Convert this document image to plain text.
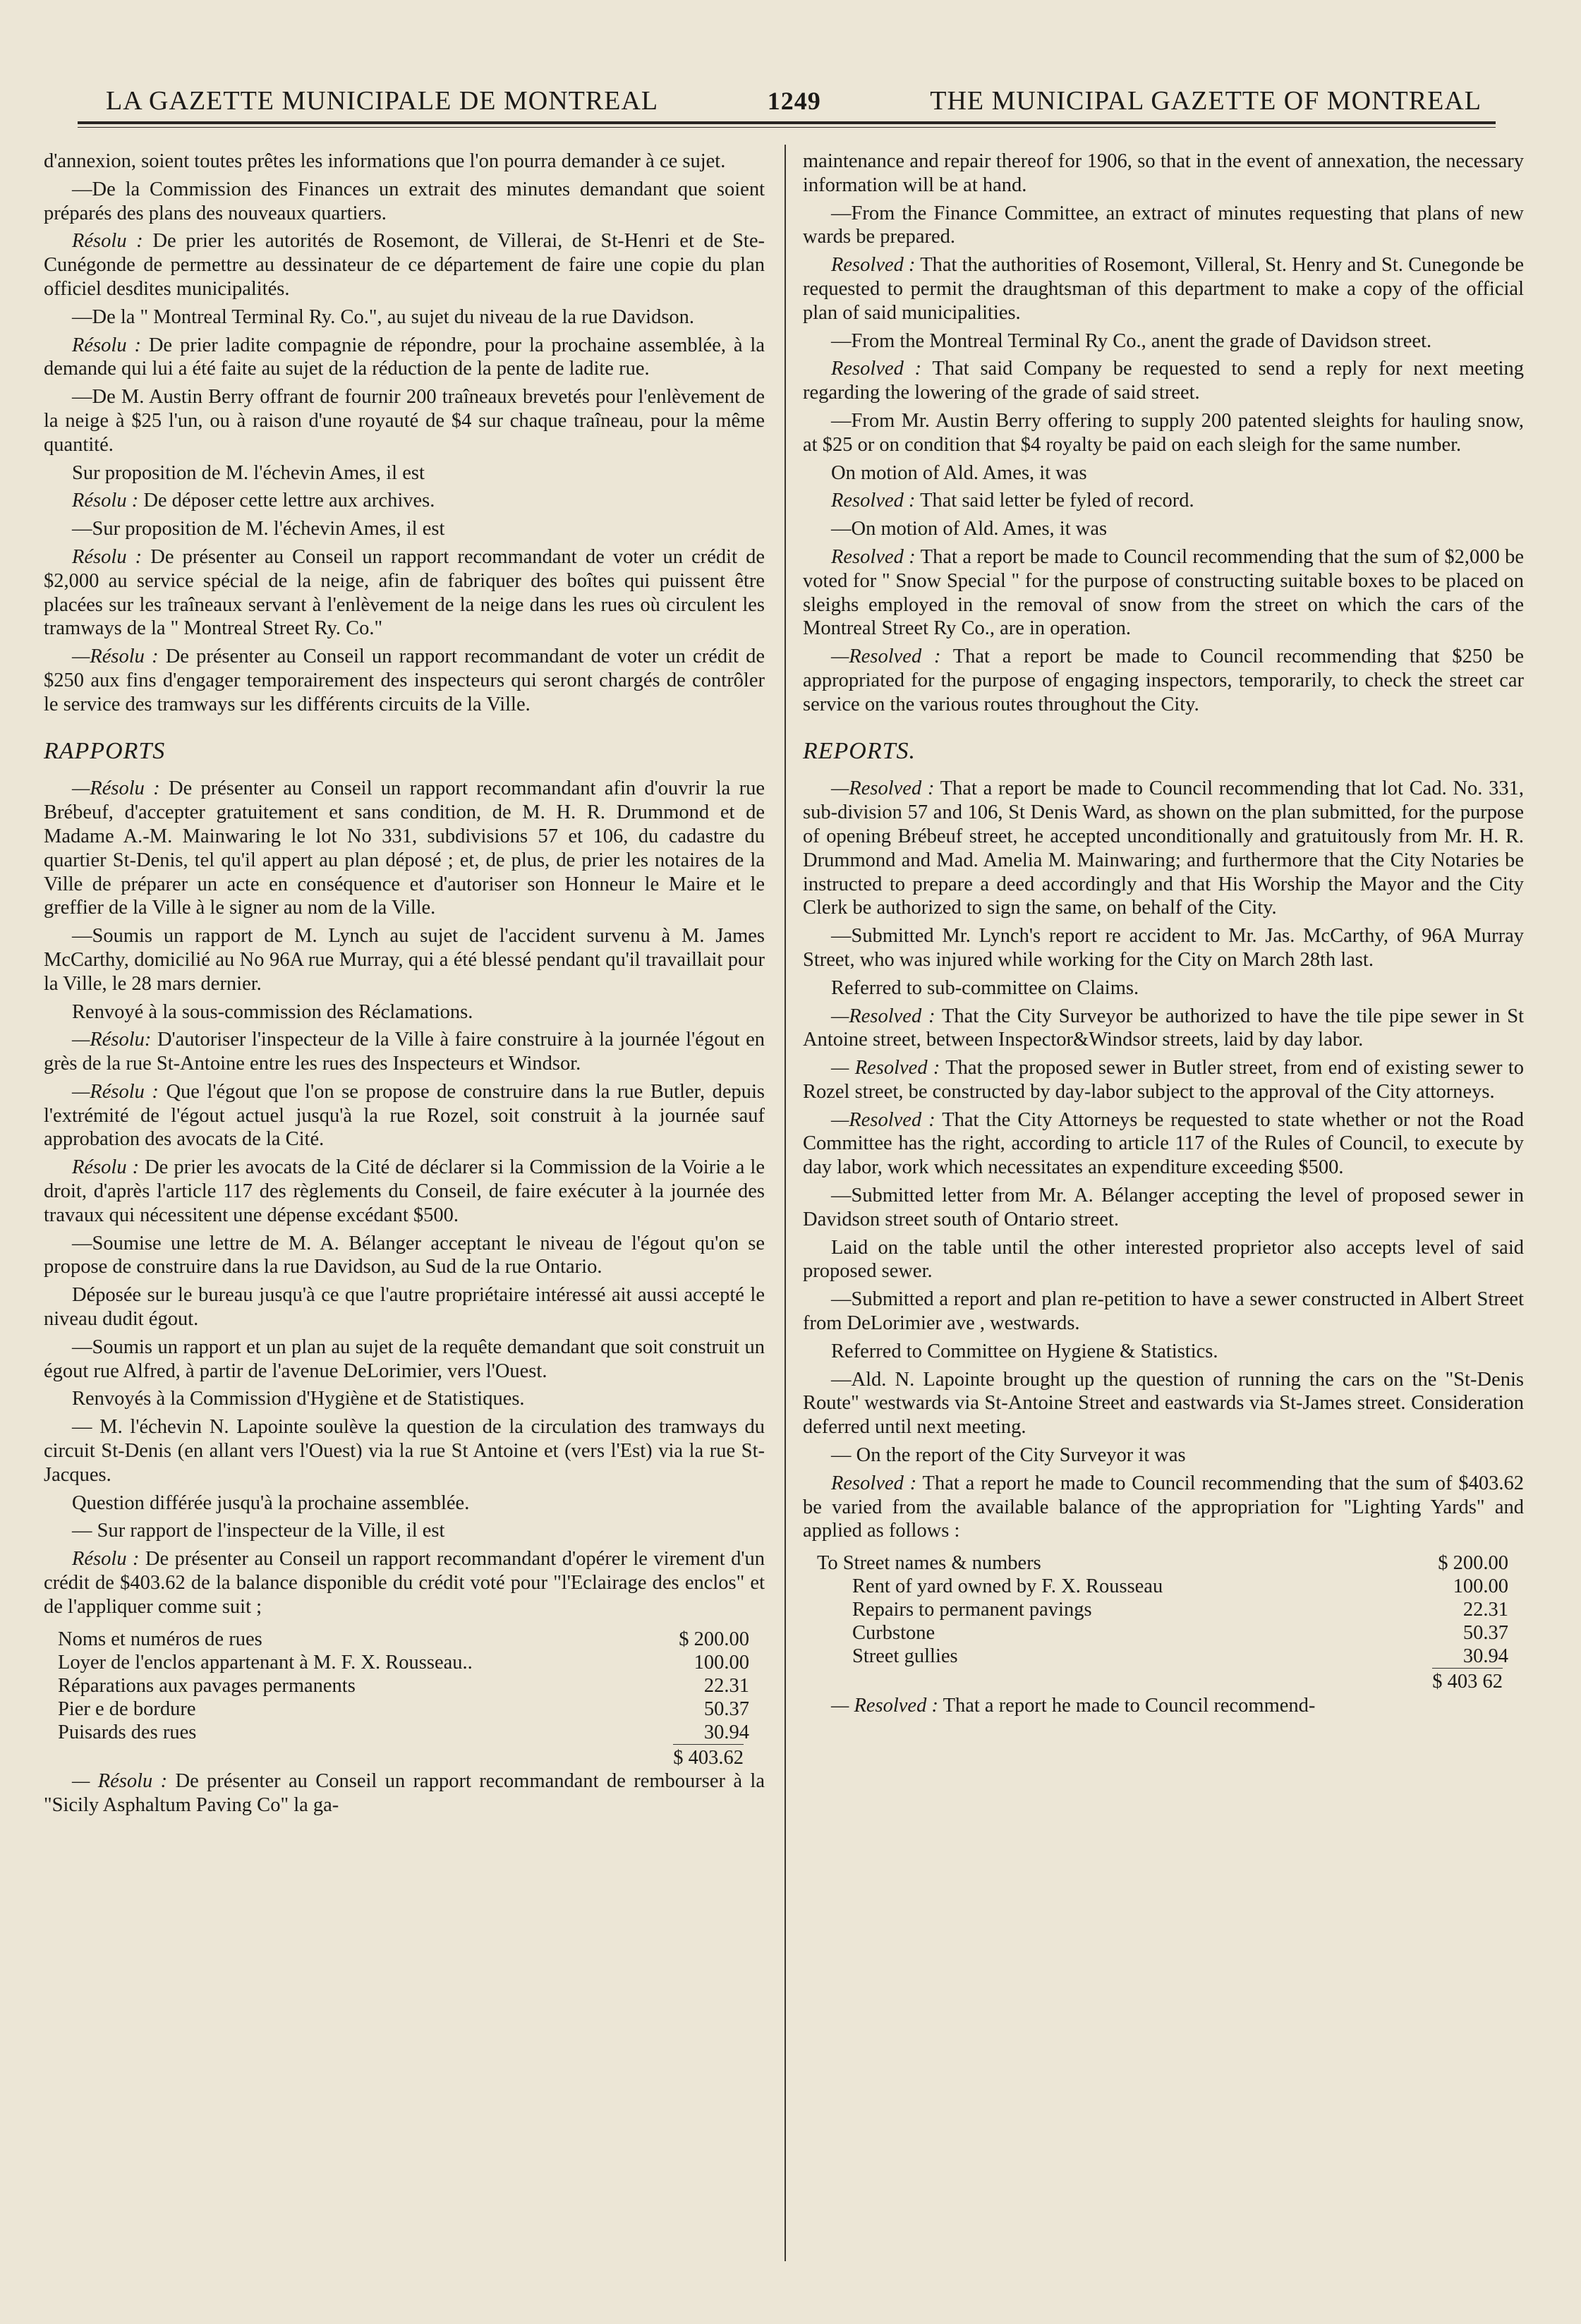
LA GAZETTE MUNICIPALE DE MONTREAL	1249	THE MUNICIPAL GAZETTE OF MONTREAL

d'annexion, soient toutes prêtes les informations que l'on pourra demander à ce sujet.

—De la Commission des Finances un extrait des minutes demandant que soient préparés des plans des nouveaux quartiers.

Résolu : De prier les autorités de Rosemont, de Villerai, de St-Henri et de Ste-Cunégonde de permettre au dessinateur de ce département de faire une copie du plan officiel desdites municipalités.

—De la " Montreal Terminal Ry. Co.", au sujet du niveau de la rue Davidson.

Résolu : De prier ladite compagnie de répondre, pour la prochaine assemblée, à la demande qui lui a été faite au sujet de la réduction de la pente de ladite rue.

—De M. Austin Berry offrant de fournir 200 traîneaux brevetés pour l'enlèvement de la neige à $25 l'un, ou à raison d'une royauté de $4 sur chaque traîneau, pour la même quantité.

Sur proposition de M. l'échevin Ames, il est

Résolu : De déposer cette lettre aux archives.

—Sur proposition de M. l'échevin Ames, il est

Résolu : De présenter au Conseil un rapport recommandant de voter un crédit de $2,000 au service spécial de la neige, afin de fabriquer des boîtes qui puissent être placées sur les traîneaux servant à l'enlèvement de la neige dans les rues où circulent les tramways de la " Montreal Street Ry. Co."

—Résolu : De présenter au Conseil un rapport recommandant de voter un crédit de $250 aux fins d'engager temporairement des inspecteurs qui seront chargés de contrôler le service des tramways sur les différents circuits de la Ville.

RAPPORTS

—Résolu : De présenter au Conseil un rapport recommandant afin d'ouvrir la rue Brébeuf, d'accepter gratuitement et sans condition, de M. H. R. Drummond et de Madame A.-M. Mainwaring le lot No 331, subdivisions 57 et 106, du cadastre du quartier St-Denis, tel qu'il appert au plan déposé ; et, de plus, de prier les notaires de la Ville de préparer un acte en conséquence et d'autoriser son Honneur le Maire et le greffier de la Ville à le signer au nom de la Ville.

—Soumis un rapport de M. Lynch au sujet de l'accident survenu à M. James McCarthy, domicilié au No 96A rue Murray, qui a été blessé pendant qu'il travaillait pour la Ville, le 28 mars dernier.

Renvoyé à la sous-commission des Réclamations.

—Résolu: D'autoriser l'inspecteur de la Ville à faire construire à la journée l'égout en grès de la rue St-Antoine entre les rues des Inspecteurs et Windsor.

—Résolu : Que l'égout que l'on se propose de construire dans la rue Butler, depuis l'extrémité de l'égout actuel jusqu'à la rue Rozel, soit construit à la journée sauf approbation des avocats de la Cité.

Résolu : De prier les avocats de la Cité de déclarer si la Commission de la Voirie a le droit, d'après l'article 117 des règlements du Conseil, de faire exécuter à la journée des travaux qui nécessitent une dépense excédant $500.

—Soumise une lettre de M. A. Bélanger acceptant le niveau de l'égout qu'on se propose de construire dans la rue Davidson, au Sud de la rue Ontario.

Déposée sur le bureau jusqu'à ce que l'autre propriétaire intéressé ait aussi accepté le niveau dudit égout.

—Soumis un rapport et un plan au sujet de la requête demandant que soit construit un égout rue Alfred, à partir de l'avenue DeLorimier, vers l'Ouest.

Renvoyés à la Commission d'Hygiène et de Statistiques.

— M. l'échevin N. Lapointe soulève la question de la circulation des tramways du circuit St-Denis (en allant vers l'Ouest) via la rue St Antoine et (vers l'Est) via la rue St-Jacques.

Question différée jusqu'à la prochaine assemblée.

— Sur rapport de l'inspecteur de la Ville, il est

Résolu : De présenter au Conseil un rapport recommandant d'opérer le virement d'un crédit de $403.62 de la balance disponible du crédit voté pour "l'Eclairage des enclos" et de l'appliquer comme suit ;

Noms et numéros de rues	$ 200.00
Loyer de l'enclos appartenant à M. F. X. Rousseau..	100.00
Réparations aux pavages permanents	22.31
Pier e de bordure	50.37
Puisards des rues	30.94
$ 403.62

— Résolu : De présenter au Conseil un rapport recommandant de rembourser à la "Sicily Asphaltum Paving Co" la ga-

maintenance and repair thereof for 1906, so that in the event of annexation, the necessary information will be at hand.

—From the Finance Committee, an extract of minutes requesting that plans of new wards be prepared.

Resolved : That the authorities of Rosemont, Villeral, St. Henry and St. Cunegonde be requested to permit the draughtsman of this department to make a copy of the official plan of said municipalities.

—From the Montreal Terminal Ry Co., anent the grade of Davidson street.

Resolved : That said Company be requested to send a reply for next meeting regarding the lowering of the grade of said street.

—From Mr. Austin Berry offering to supply 200 patented sleights for hauling snow, at $25 or on condition that $4 royalty be paid on each sleigh for the same number.

On motion of Ald. Ames, it was

Resolved : That said letter be fyled of record.

—On motion of Ald. Ames, it was

Resolved : That a report be made to Council recommending that the sum of $2,000 be voted for " Snow Special " for the purpose of constructing suitable boxes to be placed on sleighs employed in the removal of snow from the street on which the cars of the Montreal Street Ry Co., are in operation.

—Resolved : That a report be made to Council recommending that $250 be appropriated for the purpose of engaging inspectors, temporarily, to check the street car service on the various routes throughout the City.

REPORTS.

—Resolved : That a report be made to Council recommending that lot Cad. No. 331, sub-division 57 and 106, St Denis Ward, as shown on the plan submitted, for the purpose of opening Brébeuf street, he accepted unconditionally and gratuitously from Mr. H. R. Drummond and Mad. Amelia M. Mainwaring; and furthermore that the City Notaries be instructed to prepare a deed accordingly and that His Worship the Mayor and the City Clerk be authorized to sign the same, on behalf of the City.

—Submitted Mr. Lynch's report re accident to Mr. Jas. McCarthy, of 96A Murray Street, who was injured while working for the City on March 28th last.

Referred to sub-committee on Claims.

—Resolved : That the City Surveyor be authorized to have the tile pipe sewer in St Antoine street, between Inspector&Windsor streets, laid by day labor.

— Resolved : That the proposed sewer in Butler street, from end of existing sewer to Rozel street, be constructed by day-labor subject to the approval of the City attorneys.

—Resolved : That the City Attorneys be requested to state whether or not the Road Committee has the right, according to article 117 of the Rules of Council, to execute by day labor, work which necessitates an expenditure exceeding $500.

—Submitted letter from Mr. A. Bélanger accepting the level of proposed sewer in Davidson street south of Ontario street.

Laid on the table until the other interested proprietor also accepts level of said proposed sewer.

—Submitted a report and plan re-petition to have a sewer constructed in Albert Street from DeLorimier ave , westwards.

Referred to Committee on Hygiene & Statistics.

—Ald. N. Lapointe brought up the question of running the cars on the "St-Denis Route" westwards via St-Antoine Street and eastwards via St-James street. Consideration deferred until next meeting.

— On the report of the City Surveyor it was

Resolved : That a report he made to Council recommending that the sum of $403.62 be varied from the available balance of the appropriation for "Lighting Yards" and applied as follows :

To Street names & numbers	$ 200.00
Rent of yard owned by F. X. Rousseau	100.00
Repairs to permanent pavings	22.31
Curbstone	50.37
Street gullies	30.94
$ 403 62

— Resolved : That a report he made to Council recommend-
